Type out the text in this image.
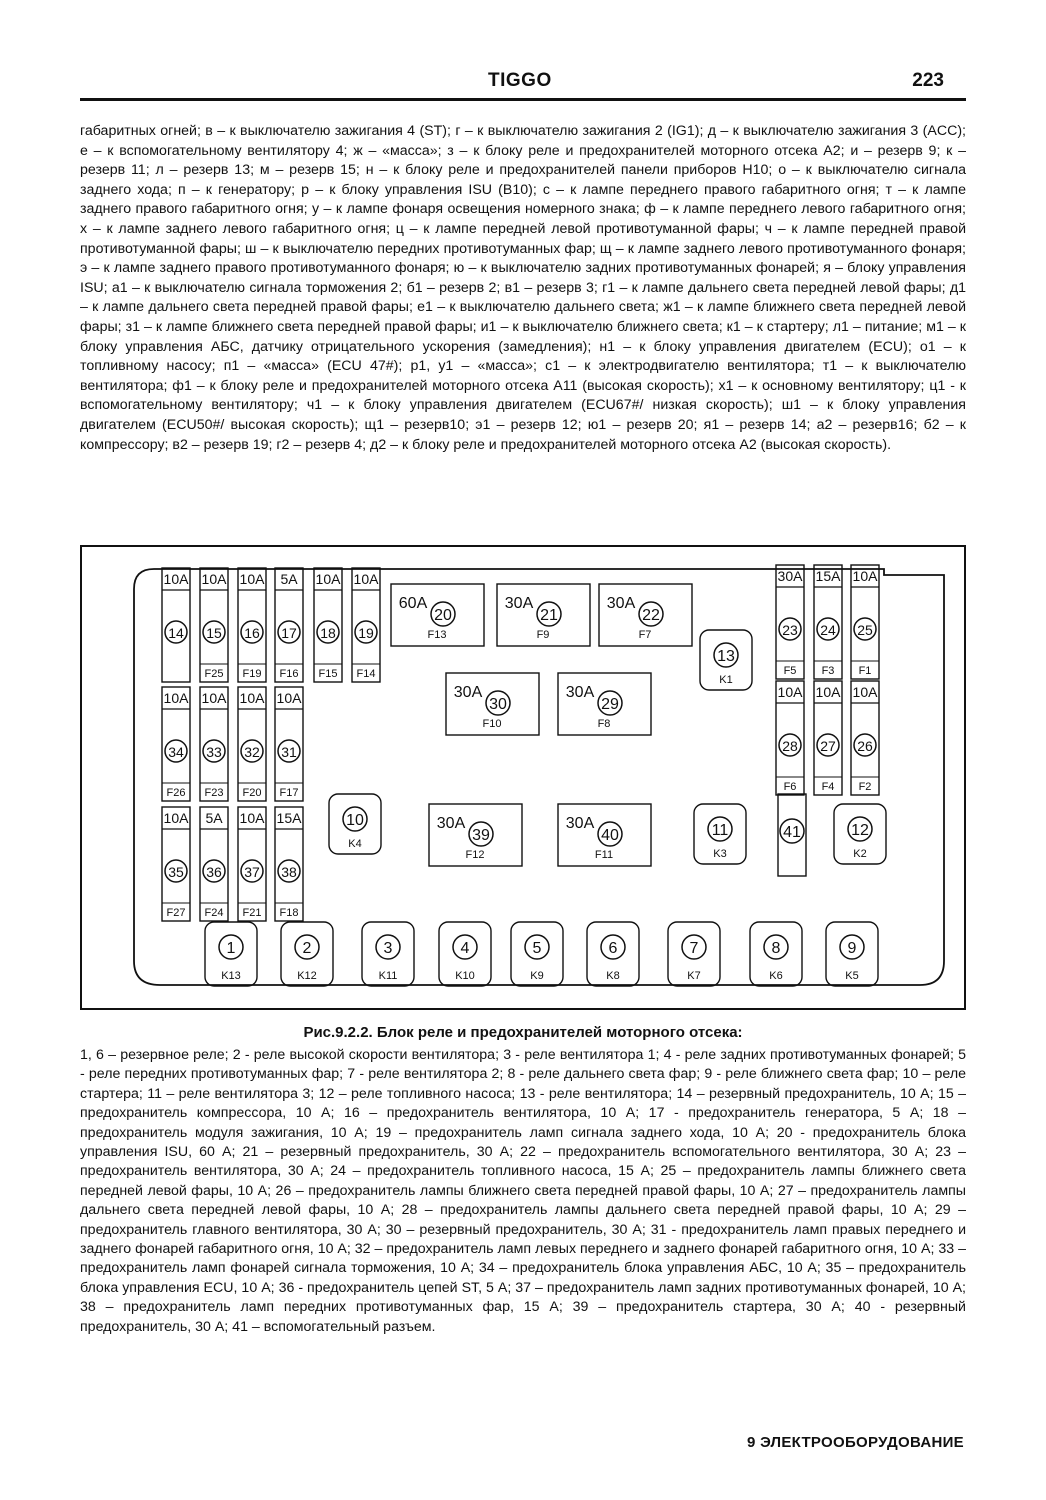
TIGGO	223
габаритных огней; в – к выключателю зажигания 4 (ST); г – к выключателю зажигания 2 (IG1); д – к выключателю зажигания 3 (ACC); е – к вспомогательному вентилятору 4; ж – «масса»; з – к блоку реле и предохранителей моторного отсека A2; и – резерв 9; к – резерв 11; л – резерв 13; м – резерв 15; н – к блоку реле и предохранителей панели приборов H10; о – к выключателю сигнала заднего хода; п – к генератору; р – к блоку управления ISU (B10); с – к лампе переднего правого габаритного огня; т – к лампе заднего правого габаритного огня; у – к лампе фонаря освещения номерного знака; ф – к лампе переднего левого габаритного огня; х – к лампе заднего левого габаритного огня; ц – к лампе передней левой противотуманной фары; ч – к лампе передней правой противотуманной фары; ш – к выключателю передних противотуманных фар; щ – к лампе заднего левого противотуманного фонаря; э – к лампе заднего правого противотуманного фонаря; ю – к выключателю задних противотуманных фонарей; я – блоку управления ISU; а1 – к выключателю сигнала торможения 2; б1 – резерв 2; в1 – резерв 3; г1 – к лампе дальнего света передней левой фары; д1 – к лампе дальнего света передней правой фары; е1 – к выключателю дальнего света; ж1 – к лампе ближнего света передней левой фары; з1 – к лампе ближнего света передней правой фары; и1 – к выключателю ближнего света; к1 – к стартеру; л1 – питание; м1 – к блоку управления АБС, датчику отрицательного ускорения (замедления); н1 – к блоку управления двигателем (ECU); о1 – к топливному насосу; п1 – «масса» (ECU 47#); р1, у1 – «масса»; с1 – к электродвигателю вентилятора; т1 – к выключателю вентилятора; ф1 – к блоку реле и предохранителей моторного отсека A11 (высокая скорость); х1 – к основному вентилятору; ц1 - к вспомогательному вентилятору; ч1 – к блоку управления двигателем (ECU67#/ низкая скорость); ш1 – к блоку управления двигателем (ECU50#/ высокая скорость); щ1 – резерв10; э1 – резерв 12; ю1 – резерв 20; я1 – резерв 14; а2 – резерв16; б2 – к компрессору; в2 – резерв 19; г2 – резерв 4; д2 – к блоку реле и предохранителей моторного отсека A2 (высокая скорость).
10A
14
10A
15
F25
10A
16
F19
5A
17
F16
10A
18
F15
10A
19
F14
10A
34
F26
10A
33
F23
10A
32
F20
10A
31
F17
10A
35
F27
5A
36
F24
10A
37
F21
15A
38
F18
30A
23
F5
15A
24
F3
10A
25
F1
10A
28
F6
10A
27
F4
10A
26
F2
60A
20
F13
30A
21
F9
30A
22
F7
30A
30
F10
30A
29
F8
30A
39
F12
30A
40
F11
13
K1
10
K4
11
K3
12
K2
1
K13
2
K12
3
K11
4
K10
5
K9
6
K8
7
K7
8
K6
9
K5
41
Рис.9.2.2. Блок реле и предохранителей моторного отсека:
1, 6 – резервное реле; 2 - реле высокой скорости вентилятора; 3 - реле вентилятора 1; 4 - реле задних противотуманных фонарей; 5 - реле передних противотуманных фар; 7 - реле вентилятора 2; 8 - реле дальнего света фар; 9 - реле ближнего света фар; 10 – реле стартера; 11 – реле вентилятора 3; 12 – реле топливного насоса; 13 - реле вентилятора; 14 – резервный предохранитель, 10 А; 15 – предохранитель компрессора, 10 А; 16 – предохранитель вентилятора, 10 А; 17 - предохранитель генератора, 5 А; 18 – предохранитель модуля зажигания, 10 А; 19 – предохранитель ламп сигнала заднего хода, 10 А; 20 - предохранитель блока управления ISU, 60 А; 21 – резервный предохранитель, 30 А; 22 – предохранитель вспомогательного вентилятора, 30 А; 23 – предохранитель вентилятора, 30 А; 24 – предохранитель топливного насоса, 15 А; 25 – предохранитель лампы ближнего света передней левой фары, 10 А; 26 – предохранитель лампы ближнего света передней правой фары, 10 А; 27 – предохранитель лампы дальнего света передней левой фары, 10 А; 28 – предохранитель лампы дальнего света передней правой фары, 10 А; 29 – предохранитель главного вентилятора, 30 А; 30 – резервный предохранитель, 30 А; 31 - предохранитель ламп правых переднего и заднего фонарей габаритного огня, 10 А; 32 – предохранитель ламп левых переднего и заднего фонарей габаритного огня, 10 А; 33 – предохранитель ламп фонарей сигнала торможения, 10 А; 34 – предохранитель блока управления АБС, 10 А; 35 – предохранитель блока управления ECU, 10 А; 36 - предохранитель цепей ST, 5 А; 37 – предохранитель ламп задних противотуманных фонарей, 10 А; 38 – предохранитель ламп передних противотуманных фар, 15 А; 39 – предохранитель стартера, 30 А; 40 - резервный предохранитель, 30 А; 41 – вспомогательный разъем.
9 ЭЛЕКТРООБОРУДОВАНИЕ
